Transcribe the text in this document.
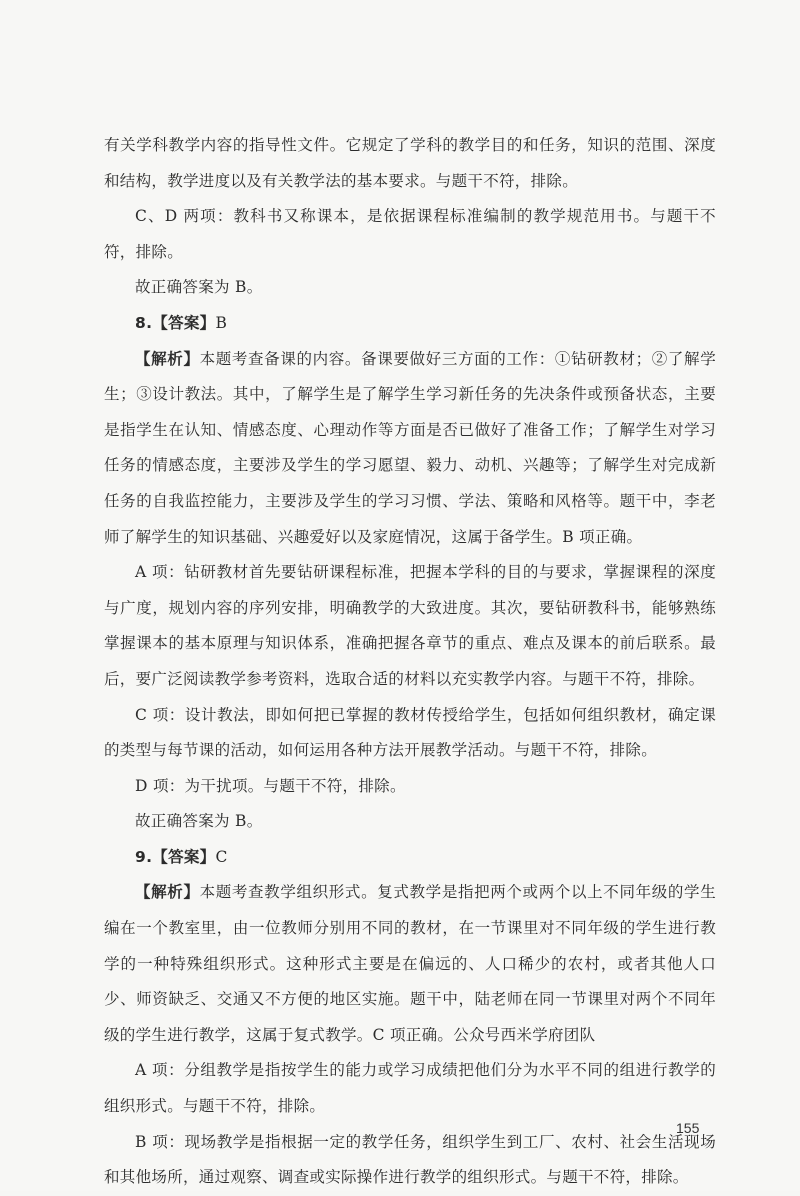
有关学科教学内容的指导性文件。它规定了学科的教学目的和任务，知识的范围、深度和结构，教学进度以及有关教学法的基本要求。与题干不符，排除。

C、D 两项：教科书又称课本，是依据课程标准编制的教学规范用书。与题干不符，排除。

故正确答案为 B。

8.【答案】B

【解析】本题考查备课的内容。备课要做好三方面的工作：①钻研教材；②了解学生；③设计教法。其中，了解学生是了解学生学习新任务的先决条件或预备状态，主要是指学生在认知、情感态度、心理动作等方面是否已做好了准备工作；了解学生对学习任务的情感态度，主要涉及学生的学习愿望、毅力、动机、兴趣等；了解学生对完成新任务的自我监控能力，主要涉及学生的学习习惯、学法、策略和风格等。题干中，李老师了解学生的知识基础、兴趣爱好以及家庭情况，这属于备学生。B 项正确。

A 项：钻研教材首先要钻研课程标准，把握本学科的目的与要求，掌握课程的深度与广度，规划内容的序列安排，明确教学的大致进度。其次，要钻研教科书，能够熟练掌握课本的基本原理与知识体系，准确把握各章节的重点、难点及课本的前后联系。最后，要广泛阅读教学参考资料，选取合适的材料以充实教学内容。与题干不符，排除。

C 项：设计教法，即如何把已掌握的教材传授给学生，包括如何组织教材，确定课的类型与每节课的活动，如何运用各种方法开展教学活动。与题干不符，排除。

D 项：为干扰项。与题干不符，排除。

故正确答案为 B。

9.【答案】C

【解析】本题考查教学组织形式。复式教学是指把两个或两个以上不同年级的学生编在一个教室里，由一位教师分别用不同的教材，在一节课里对不同年级的学生进行教学的一种特殊组织形式。这种形式主要是在偏远的、人口稀少的农村，或者其他人口少、师资缺乏、交通又不方便的地区实施。题干中，陆老师在同一节课里对两个不同年级的学生进行教学，这属于复式教学。C 项正确。公众号西米学府团队

A 项：分组教学是指按学生的能力或学习成绩把他们分为水平不同的组进行教学的组织形式。与题干不符，排除。

B 项：现场教学是指根据一定的教学任务，组织学生到工厂、农村、社会生活现场和其他场所，通过观察、调查或实际操作进行教学的组织形式。与题干不符，排除。

155
